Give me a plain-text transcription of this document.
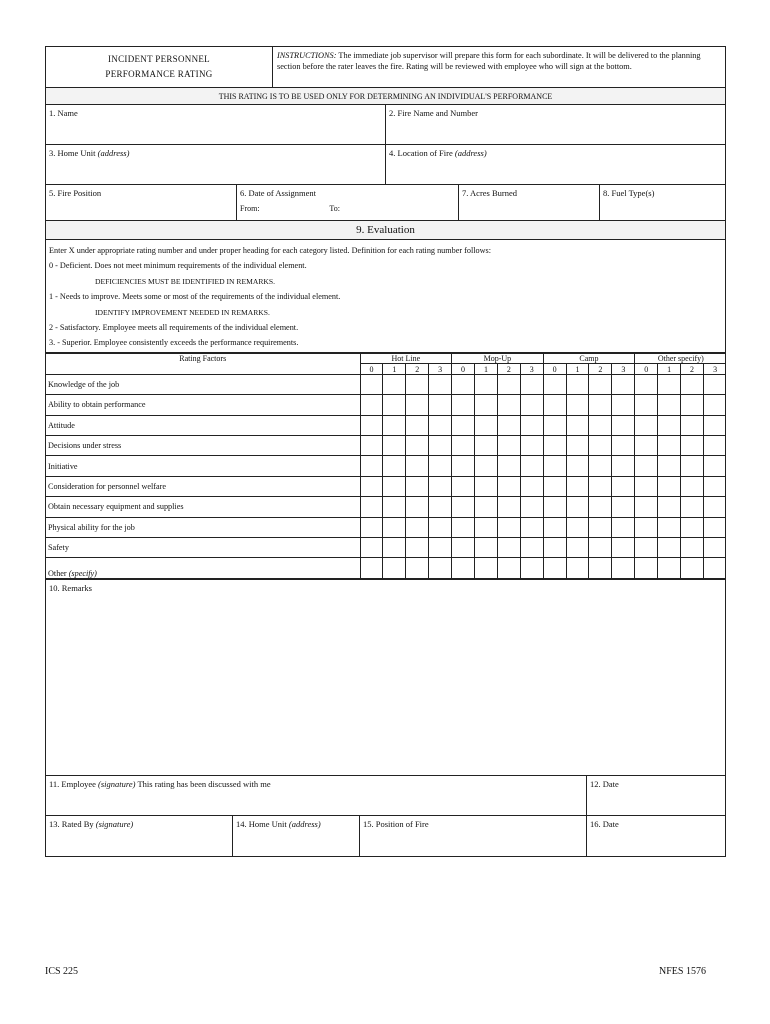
INCIDENT PERSONNEL
PERFORMANCE RATING
INSTRUCTIONS: The immediate job supervisor will prepare this form for each subordinate. It will be delivered to the planning section before the rater leaves the fire. Rating will be reviewed with employee who will sign at the bottom.
THIS RATING IS TO BE USED ONLY FOR DETERMINING AN INDIVIDUAL'S PERFORMANCE
1. Name	2. Fire Name and Number
3. Home Unit (address)	4. Location of Fire (address)
5. Fire Position	6. Date of Assignment
From:	To:
7. Acres Burned	8. Fuel Type(s)
9. Evaluation
Enter X under appropriate rating number and under proper heading for each category listed. Definition for each rating number follows:
0 - Deficient. Does not meet minimum requirements of the individual element.
DEFICIENCIES MUST BE IDENTIFIED IN REMARKS.
1 - Needs to improve. Meets some or most of the requirements of the individual element.
IDENTIFY IMPROVEMENT NEEDED IN REMARKS.
2 - Satisfactory. Employee meets all requirements of the individual element.
3. - Superior. Employee consistently exceeds the performance requirements.
Rating Factors	Hot Line				Mop-Up				Camp				Other specify)			
	0	1	2	3	0	1	2	3	0	1	2	3	0	1	2	3
Knowledge of the job																
Ability to obtain performance																
Attitude																
Decisions under stress																
Initiative																
Consideration for personnel welfare																
Obtain necessary equipment and supplies																
Physical ability for the job																
Safety																
Other (specify)																
10. Remarks
11. Employee (signature) This rating has been discussed with me	12. Date
13. Rated By (signature)	14. Home Unit (address)	15. Position of Fire	16. Date
ICS 225	NFES 1576
